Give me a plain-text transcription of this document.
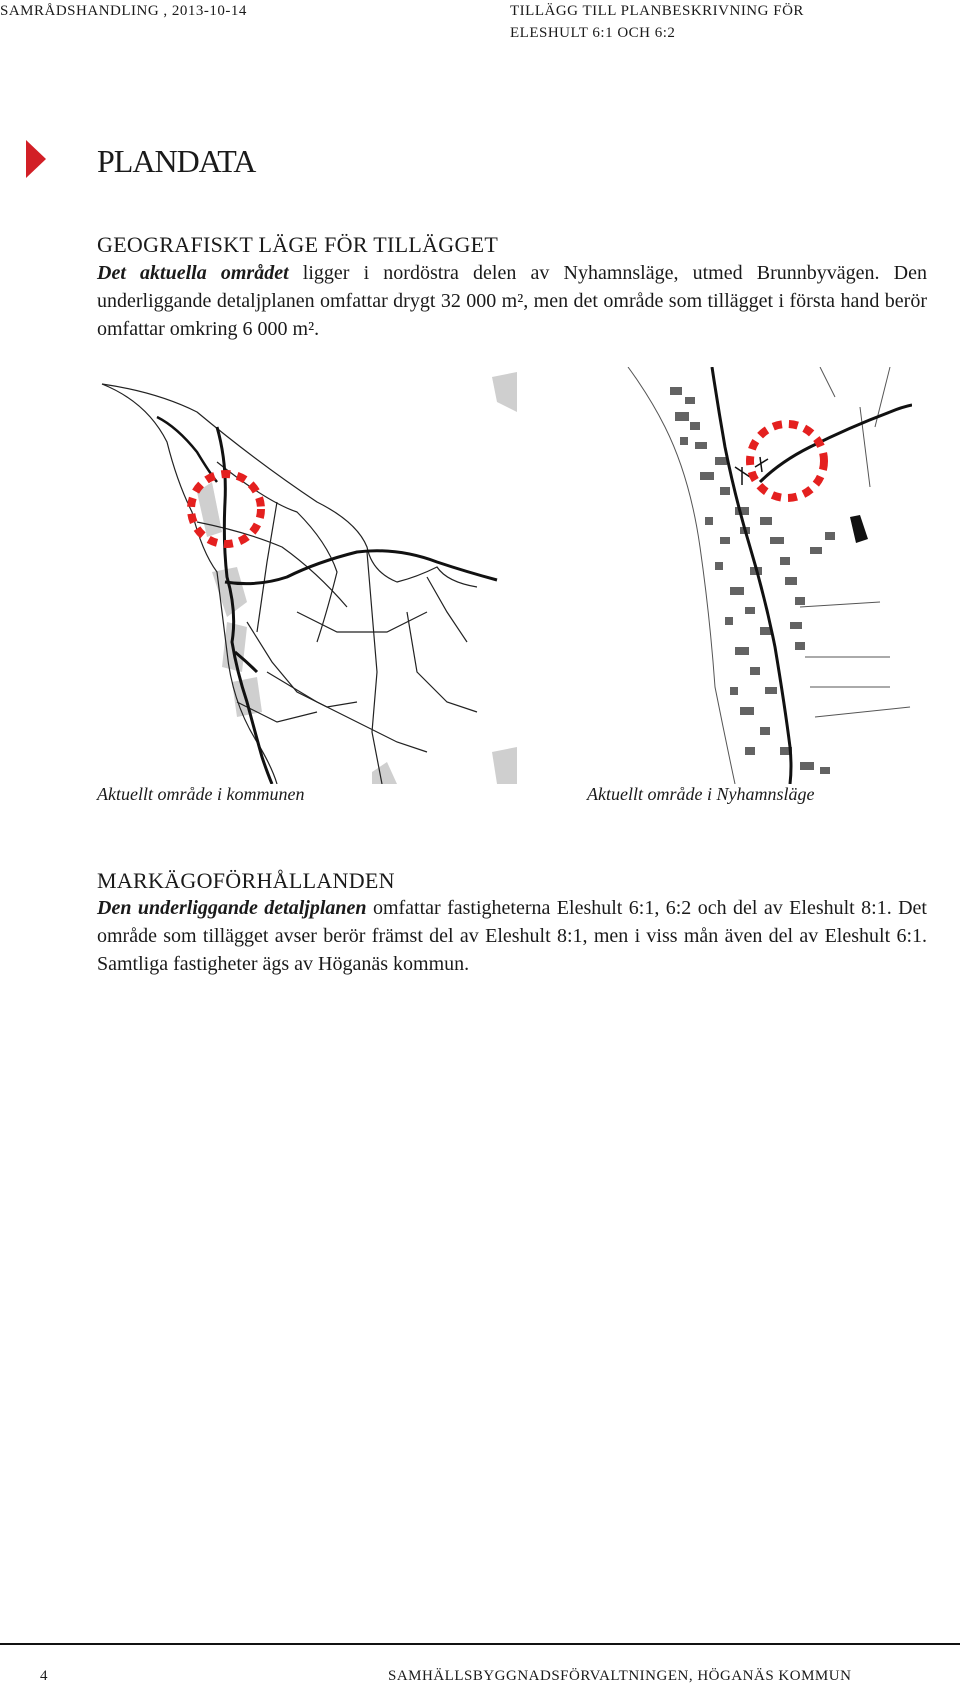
SAMRÅDSHANDLING , 2013-10-14	TILLÄGG TILL PLANBESKRIVNING FÖR
ELESHULT 6:1 OCH 6:2
PLANDATA
GEOGRAFISKT LÄGE FÖR TILLÄGGET
Det aktuella området ligger i nordöstra delen av Nyhamnsläge, utmed Brunnbyvägen. Den underliggande detaljplanen omfattar drygt 32 000 m², men det område som tillägget i första hand berör omfattar omkring 6 000 m².
Aktuellt område i kommunen	Aktuellt område i Nyhamnsläge
MARKÄGOFÖRHÅLLANDEN
Den underliggande detaljplanen omfattar fastigheterna Eleshult 6:1, 6:2 och del av Eleshult 8:1. Det område som tillägget avser berör främst del av Eleshult 8:1, men i viss mån även del av Eleshult 6:1. Samtliga fastigheter ägs av Höganäs kommun.
4	SAMHÄLLSBYGGNADSFÖRVALTNINGEN, HÖGANÄS KOMMUN
